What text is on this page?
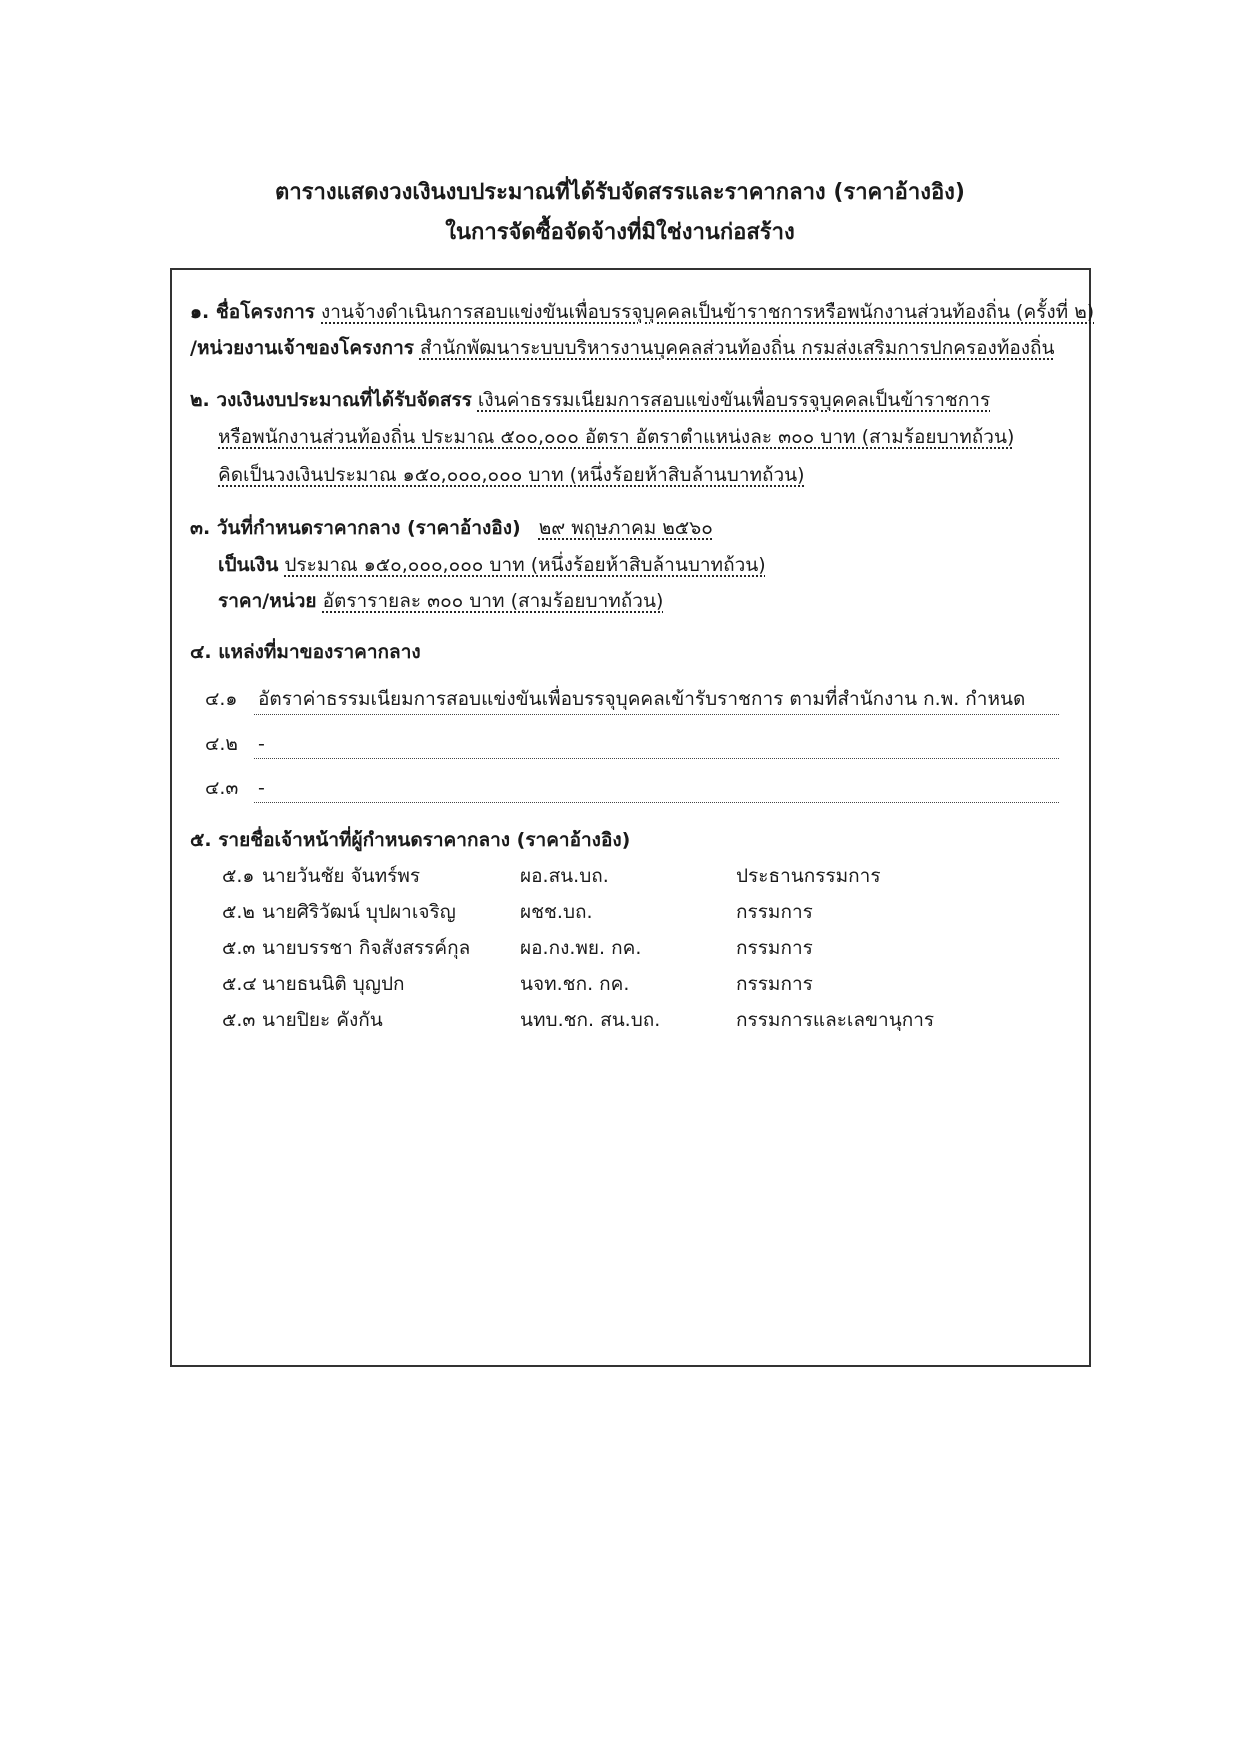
ตารางแสดงวงเงินงบประมาณที่ได้รับจัดสรรและราคากลาง (ราคาอ้างอิง)
ในการจัดซื้อจัดจ้างที่มิใช่งานก่อสร้าง
๑. ชื่อโครงการ งานจ้างดำเนินการสอบแข่งขันเพื่อบรรจุบุคคลเป็นข้าราชการหรือพนักงานส่วนท้องถิ่น (ครั้งที่ ๒)
/หน่วยงานเจ้าของโครงการ สำนักพัฒนาระบบบริหารงานบุคคลส่วนท้องถิ่น กรมส่งเสริมการปกครองท้องถิ่น
๒. วงเงินงบประมาณที่ได้รับจัดสรร เงินค่าธรรมเนียมการสอบแข่งขันเพื่อบรรจุบุคคลเป็นข้าราชการ
หรือพนักงานส่วนท้องถิ่น ประมาณ ๕๐๐,๐๐๐ อัตรา อัตราตำแหน่งละ ๓๐๐ บาท (สามร้อยบาทถ้วน)
คิดเป็นวงเงินประมาณ ๑๕๐,๐๐๐,๐๐๐ บาท (หนึ่งร้อยห้าสิบล้านบาทถ้วน)
๓. วันที่กำหนดราคากลาง (ราคาอ้างอิง) ๒๙ พฤษภาคม ๒๕๖๐
เป็นเงิน ประมาณ ๑๕๐,๐๐๐,๐๐๐ บาท (หนึ่งร้อยห้าสิบล้านบาทถ้วน)
ราคา/หน่วย อัตรารายละ ๓๐๐ บาท (สามร้อยบาทถ้วน)
๔. แหล่งที่มาของราคากลาง
๔.๑ อัตราค่าธรรมเนียมการสอบแข่งขันเพื่อบรรจุบุคคลเข้ารับราชการ ตามที่สำนักงาน ก.พ. กำหนด
๔.๒ -
๔.๓ -
๕. รายชื่อเจ้าหน้าที่ผู้กำหนดราคากลาง (ราคาอ้างอิง)
๕.๑ นายวันชัย จันทร์พร	ผอ.สน.บถ.	ประธานกรรมการ
๕.๒ นายศิริวัฒน์ บุปผาเจริญ	ผชช.บถ.	กรรมการ
๕.๓ นายบรรชา กิจสังสรรค์กุล	ผอ.กง.พย. กค.	กรรมการ
๕.๔ นายธนนิติ บุญปก	นจท.ชก. กค.	กรรมการ
๕.๓ นายปิยะ คังกัน	นทบ.ชก. สน.บถ.	กรรมการและเลขานุการ
